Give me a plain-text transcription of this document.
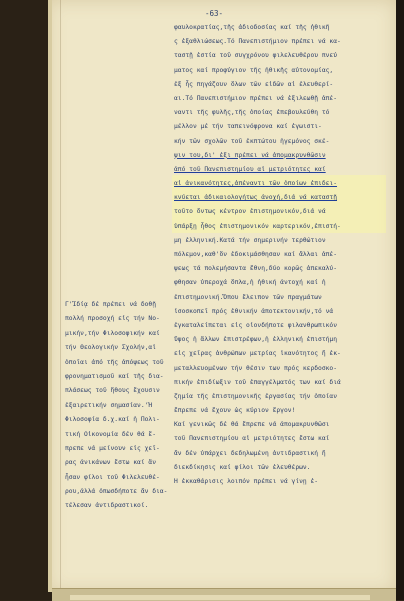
-63-
φαυλοκρατίας,τῆς ἀδιοδοσίας καί τῆς ἠθικῆ
ς ἐξαθλιώσεως.Τό Πανεπιστήμιον πρέπει νά κα-
ταστῇ ἑστία τοῦ συγχρόνου φιλελευθέρου πνεύ
ματος καί προφύγιον τῆς ἠθικῆς αὐτονομίας,
ἐξ ἧς πηγάζουν ὅλων τῶν εἰδῶν αἱ ἐλευθερί-
αι.Τό Πανεπιστήμιον πρέπει νά ἐξιλεωθῇ ἀπέ-
ναντι τῆς φυλῆς,τῆς ὁποίας ἐπεβουλεύθη τό
μέλλον μέ τήν ταπεινόφρονα καί ἐγωιστι-
κήν τῶν σχολῶν τοῦ ἐκπτώτου ἡγεμόνος σκέ-
ψιν του,δι' ἐξι πρέπει νά ἀπομακρυνθῶσιν
ἀπό τοῦ Πανεπιστημίου αἱ μετριότητες καί
αἱ ἀνικανότητες,ἀπέναντι τῶν ὁποίων ἐπιδει-
κνύεται ἀδικαιολογήτως ἀνοχή,διά νά καταστῇ
τοῦτο ὄντως κέντρον ἐπιστημονικόν,διά νά
ὑπάρξῃ ἦθος ἐπιστημονικόν καρτερικόν,ἐπιστή-
μη ἑλληνική.Κατά τήν σημερινήν τερθώτιον
πόλεμον,καθ'ὅν ἐδοκιμάσθησαν καί ἄλλαι ἀπέ-
ψεως τά πολεμήσαντα ἔθνη,δύο κορῶς ἀπεκαλύ-
φθησαν ὑπεροχά ὅπλα,ἡ ἠθική ἀντοχή καί ἡ
ἐπιστημονική.Ὅπου ἔλειπον τῶν πραγμάτων
ἰσοσκοπεῖ πρός ἐθνικήν ἀποτεκτονικήν,τό νά
ἐγκαταλείπεται εἰς οἰονδήποτε φιλανθρωπικόν
ὕψος ἡ ἄλλων ἐπιστρέφων,ἡ ἑλληνική ἐπιστήμη
εἰς χεῖρας ἀνθρώπων μετρίας ἱκανότητος ἤ ἐκ-
μεταλλευομένων τήν θέσιν των πρός κερδοσκο-
πικήν ἐπιδίωξιν τοῦ ἐπαγγέλματός των καί διά
ζημία τῆς ἐπιστημονικῆς ἐργασίας τήν ὁποίαν
ἔπρεπε νά ἔχουν ὡς κύριον ἔργον!
Καί γενικῶς δέ θά ἔπρεπε νά ἀπομακρυνθῶσι
τοῦ Πανεπιστημίου αἱ μετριότητες ἔστω καί
ἄν δέν ὑπάρχει δεδηλωμένη ἀντιδραστική ἤ
διεκδίκησις καί φίλοι τῶν ἐλευθέρων.
Ἡ ἐκκαθάρισις λοιπόν πρέπει νά γίνῃ ἐ-
Γ'Ἰδίᾳ δέ πρέπει νά δοθῇ
πολλή προσοχή εἰς τήν Νο-
μικήν,τήν Φιλοσοφικήν καί
τήν Θεολογικήν Σχολήν,αἱ
ὁποῖαι ἀπό τῆς ἀπόψεως τοῦ
φρονηματισμοῦ καί τῆς δια-
πλάσεως τοῦ ἤθους ἔχουσιν
ἐξαιρετικήν σημασίαν.'Ἡ
Φιλοσοφία δ.χ.καί ἡ Πολι-
τική Οἰκονομία δέν θά ἔ-
πρεπε νά μείνουν εἰς χεῖ-
ρας ἀνικάνων ἔστω καί ἄν
ἦσαν φίλοι τοῦ Φιλελευθέ-
ρου,ἀλλά ὀπωσδήποτε ἄν δια-
τέλεσαν ἀντιδραστικοί.
